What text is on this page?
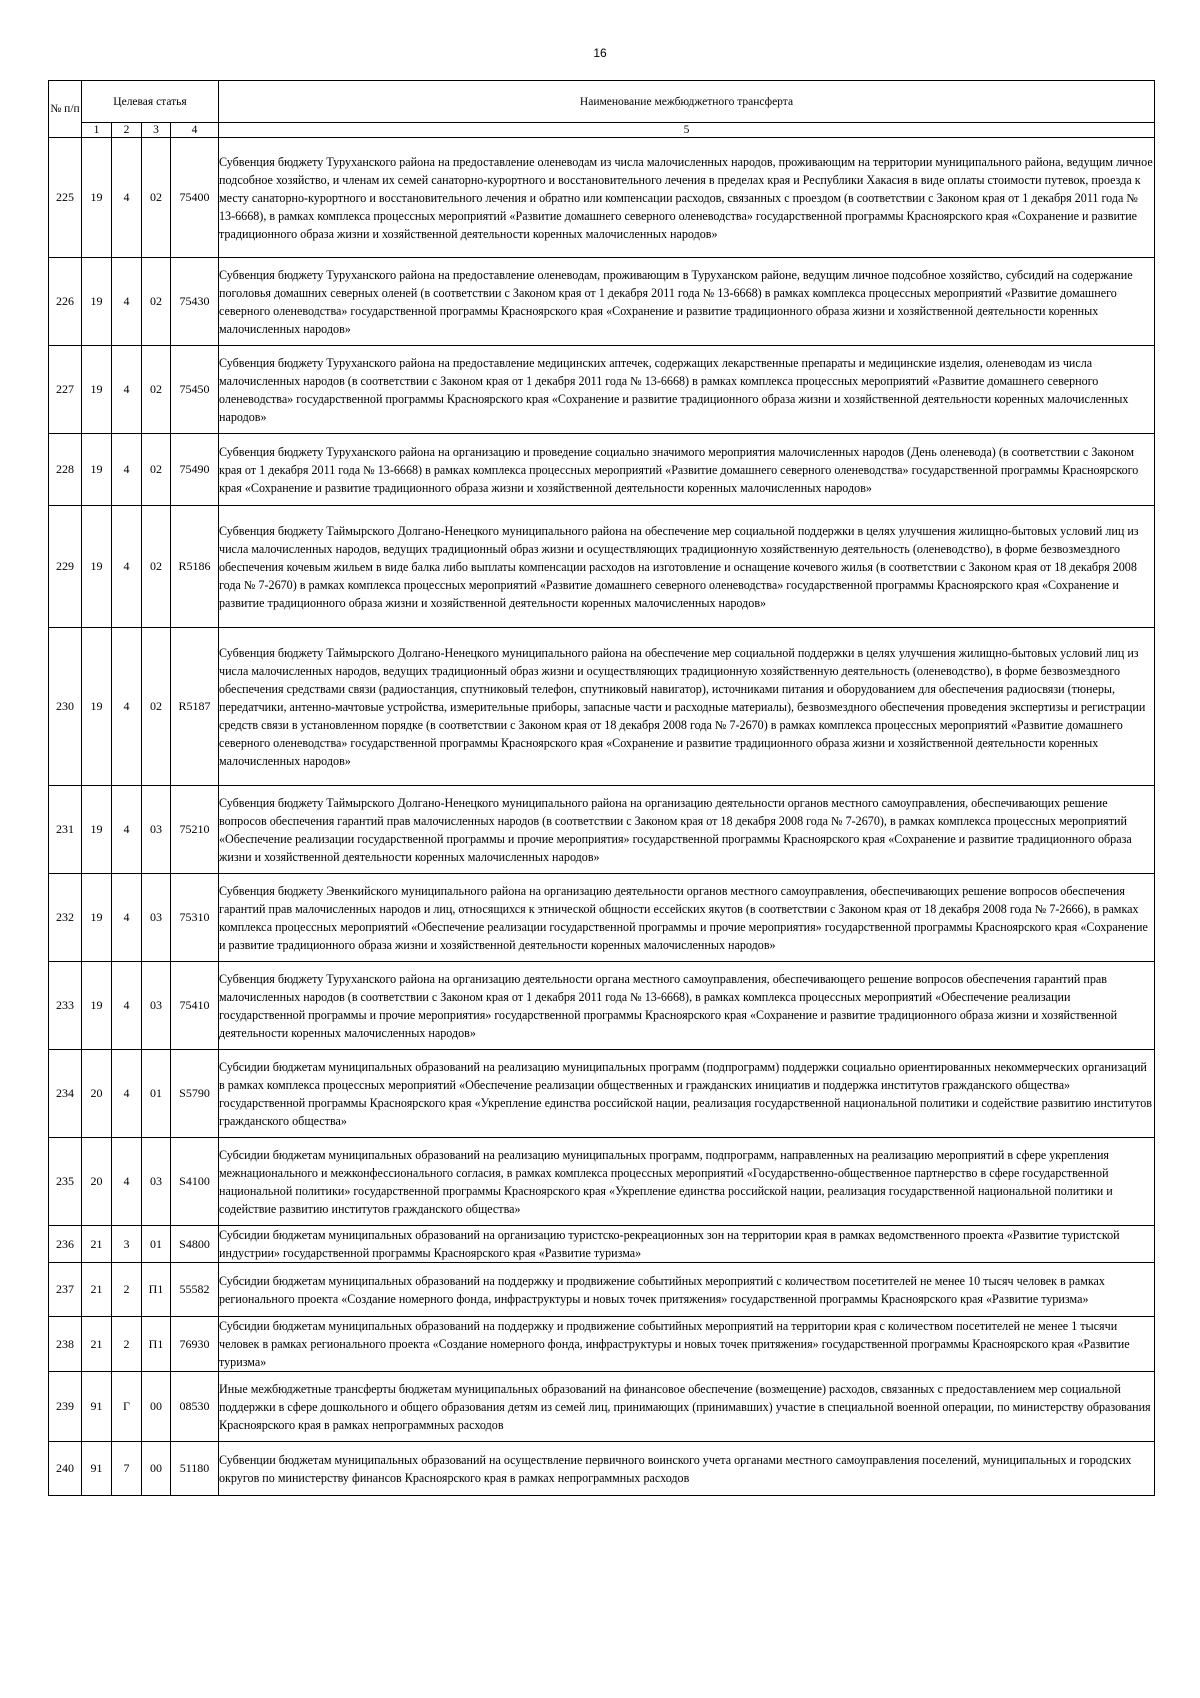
16
№ п/п	Целевая статья				Наименование межбюджетного трансферта
	1	2	3	4	5
225	19	4	02	75400	Субвенция бюджету Туруханского района на предоставление оленеводам из числа малочисленных народов, проживающим на территории муниципального района, ведущим личное подсобное хозяйство, и членам их семей санаторно-курортного и восстановительного лечения в пределах края и Республики Хакасия в виде оплаты стоимости путевок, проезда к месту санаторно-курортного и восстановительного лечения и обратно или компенсации расходов, связанных с проездом (в соответствии с Законом края от 1 декабря 2011 года № 13-6668), в рамках комплекса процессных мероприятий «Развитие домашнего северного оленеводства» государственной программы Красноярского края «Сохранение и развитие традиционного образа жизни и хозяйственной деятельности коренных малочисленных народов»
226	19	4	02	75430	Субвенция бюджету Туруханского района на предоставление оленеводам, проживающим в Туруханском районе, ведущим личное подсобное хозяйство, субсидий на содержание поголовья домашних северных оленей (в соответствии с Законом края от 1 декабря 2011 года № 13-6668) в рамках комплекса процессных мероприятий «Развитие домашнего северного оленеводства» государственной программы Красноярского края «Сохранение и развитие традиционного образа жизни и хозяйственной деятельности коренных малочисленных народов»
227	19	4	02	75450	Субвенция бюджету Туруханского района на предоставление медицинских аптечек, содержащих лекарственные препараты и медицинские изделия, оленеводам из числа малочисленных народов (в соответствии с Законом края от 1 декабря 2011 года № 13-6668) в рамках комплекса процессных мероприятий «Развитие домашнего северного оленеводства» государственной программы Красноярского края «Сохранение и развитие традиционного образа жизни и хозяйственной деятельности коренных малочисленных народов»
228	19	4	02	75490	Субвенция бюджету Туруханского района на организацию и проведение социально значимого мероприятия малочисленных народов (День оленевода) (в соответствии с Законом края от 1 декабря 2011 года № 13-6668) в рамках комплекса процессных мероприятий «Развитие домашнего северного оленеводства» государственной программы Красноярского края «Сохранение и развитие традиционного образа жизни и хозяйственной деятельности коренных малочисленных народов»
229	19	4	02	R5186	Субвенция бюджету Таймырского Долгано-Ненецкого муниципального района на обеспечение мер социальной поддержки в целях улучшения жилищно-бытовых условий лиц из числа малочисленных народов, ведущих традиционный образ жизни и осуществляющих традиционную хозяйственную деятельность (оленеводство), в форме безвозмездного обеспечения кочевым жильем в виде балка либо выплаты компенсации расходов на изготовление и оснащение кочевого жилья (в соответствии с Законом края от 18 декабря 2008 года № 7-2670) в рамках комплекса процессных мероприятий «Развитие домашнего северного оленеводства» государственной программы Красноярского края «Сохранение и развитие традиционного образа жизни и хозяйственной деятельности коренных малочисленных народов»
230	19	4	02	R5187	Субвенция бюджету Таймырского Долгано-Ненецкого муниципального района на обеспечение мер социальной поддержки в целях улучшения жилищно-бытовых условий лиц из числа малочисленных народов, ведущих традиционный образ жизни и осуществляющих традиционную хозяйственную деятельность (оленеводство), в форме безвозмездного обеспечения средствами связи (радиостанция, спутниковый телефон, спутниковый навигатор), источниками питания и оборудованием для обеспечения радиосвязи (тюнеры, передатчики, антенно-мачтовые устройства, измерительные приборы, запасные части и расходные материалы), безвозмездного обеспечения проведения экспертизы и регистрации средств связи в установленном порядке (в соответствии с Законом края от 18 декабря 2008 года № 7-2670) в рамках комплекса процессных мероприятий «Развитие домашнего северного оленеводства» государственной программы Красноярского края «Сохранение и развитие традиционного образа жизни и хозяйственной деятельности коренных малочисленных народов»
231	19	4	03	75210	Субвенция бюджету Таймырского Долгано-Ненецкого муниципального района на организацию деятельности органов местного самоуправления, обеспечивающих решение вопросов обеспечения гарантий прав малочисленных народов (в соответствии с Законом края от 18 декабря 2008 года № 7-2670), в рамках комплекса процессных мероприятий «Обеспечение реализации государственной программы и прочие мероприятия» государственной программы Красноярского края «Сохранение и развитие традиционного образа жизни и хозяйственной деятельности коренных малочисленных народов»
232	19	4	03	75310	Субвенция бюджету Эвенкийского муниципального района на организацию деятельности органов местного самоуправления, обеспечивающих решение вопросов обеспечения гарантий прав малочисленных народов и лиц, относящихся к этнической общности ессейских якутов (в соответствии с Законом края от 18 декабря 2008 года № 7-2666), в рамках комплекса процессных мероприятий «Обеспечение реализации государственной программы и прочие мероприятия» государственной программы Красноярского края «Сохранение и развитие традиционного образа жизни и хозяйственной деятельности коренных малочисленных народов»
233	19	4	03	75410	Субвенция бюджету Туруханского района на организацию деятельности органа местного самоуправления, обеспечивающего решение вопросов обеспечения гарантий прав малочисленных народов (в соответствии с Законом края от 1 декабря 2011 года № 13-6668), в рамках комплекса процессных мероприятий «Обеспечение реализации государственной программы и прочие мероприятия» государственной программы Красноярского края «Сохранение и развитие традиционного образа жизни и хозяйственной деятельности коренных малочисленных народов»
234	20	4	01	S5790	Субсидии бюджетам муниципальных образований на реализацию муниципальных программ (подпрограмм) поддержки социально ориентированных некоммерческих организаций в рамках комплекса процессных мероприятий «Обеспечение реализации общественных и гражданских инициатив и поддержка институтов гражданского общества» государственной программы Красноярского края «Укрепление единства российской нации, реализация государственной национальной политики и содействие развитию институтов гражданского общества»
235	20	4	03	S4100	Субсидии бюджетам муниципальных образований на реализацию муниципальных программ, подпрограмм, направленных на реализацию мероприятий в сфере укрепления межнационального и межконфессионального согласия, в рамках комплекса процессных мероприятий «Государственно-общественное партнерство в сфере государственной национальной политики» государственной программы Красноярского края «Укрепление единства российской нации, реализация государственной национальной политики и содействие развитию институтов гражданского общества»
236	21	3	01	S4800	Субсидии бюджетам муниципальных образований на организацию туристско-рекреационных зон на территории края в рамках ведомственного проекта «Развитие туристской индустрии» государственной программы Красноярского края «Развитие туризма»
237	21	2	П1	55582	Субсидии бюджетам муниципальных образований на поддержку и продвижение событийных мероприятий с количеством посетителей не менее 10 тысяч человек в рамках регионального проекта «Создание номерного фонда, инфраструктуры и новых точек притяжения» государственной программы Красноярского края «Развитие туризма»
238	21	2	П1	76930	Субсидии бюджетам муниципальных образований на поддержку и продвижение событийных мероприятий на территории края с количеством посетителей не менее 1 тысячи человек в рамках регионального проекта «Создание номерного фонда, инфраструктуры и новых точек притяжения» государственной программы Красноярского края «Развитие туризма»
239	91	Г	00	08530	Иные межбюджетные трансферты бюджетам муниципальных образований на финансовое обеспечение (возмещение) расходов, связанных с предоставлением мер социальной поддержки в сфере дошкольного и общего образования детям из семей лиц, принимающих (принимавших) участие в специальной военной операции, по министерству образования Красноярского края в рамках непрограммных расходов
240	91	7	00	51180	Субвенции бюджетам муниципальных образований на осуществление первичного воинского учета органами местного самоуправления поселений, муниципальных и городских округов по министерству финансов Красноярского края в рамках непрограммных расходов
